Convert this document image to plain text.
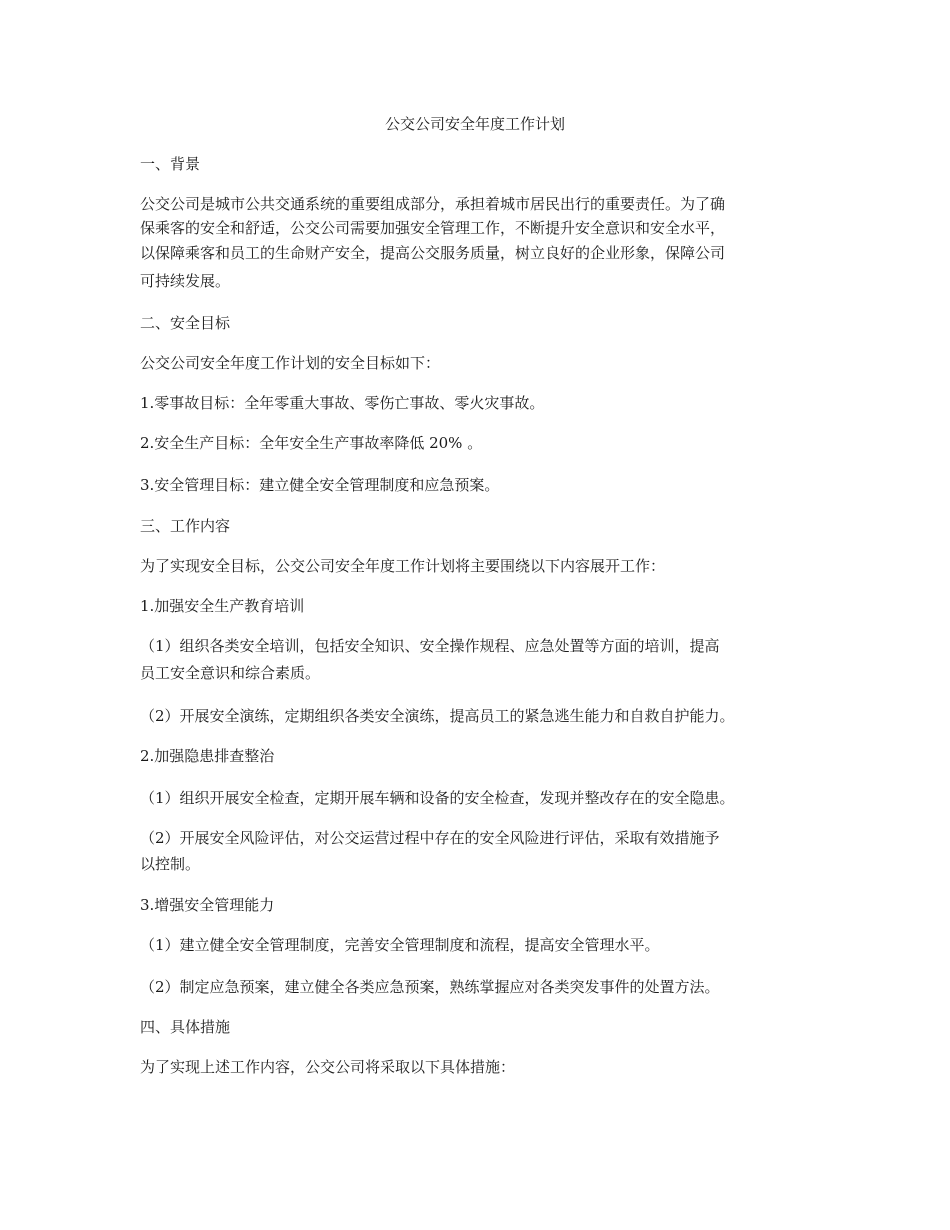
公交公司安全年度工作计划
一、背景
公交公司是城市公共交通系统的重要组成部分，承担着城市居民出行的重要责任。为了确
保乘客的安全和舒适，公交公司需要加强安全管理工作，不断提升安全意识和安全水平，
以保障乘客和员工的生命财产安全，提高公交服务质量，树立良好的企业形象，保障公司
可持续发展。
二、安全目标
公交公司安全年度工作计划的安全目标如下：
1.零事故目标：全年零重大事故、零伤亡事故、零火灾事故。
2.安全生产目标：全年安全生产事故率降低 20% 。
3.安全管理目标：建立健全安全管理制度和应急预案。
三、工作内容
为了实现安全目标，公交公司安全年度工作计划将主要围绕以下内容展开工作：
1.加强安全生产教育培训
（1）组织各类安全培训，包括安全知识、安全操作规程、应急处置等方面的培训，提高
员工安全意识和综合素质。
（2）开展安全演练，定期组织各类安全演练，提高员工的紧急逃生能力和自救自护能力。
2.加强隐患排查整治
（1）组织开展安全检查，定期开展车辆和设备的安全检查，发现并整改存在的安全隐患。
（2）开展安全风险评估，对公交运营过程中存在的安全风险进行评估，采取有效措施予
以控制。
3.增强安全管理能力
（1）建立健全安全管理制度，完善安全管理制度和流程，提高安全管理水平。
（2）制定应急预案，建立健全各类应急预案，熟练掌握应对各类突发事件的处置方法。
四、具体措施
为了实现上述工作内容，公交公司将采取以下具体措施：
